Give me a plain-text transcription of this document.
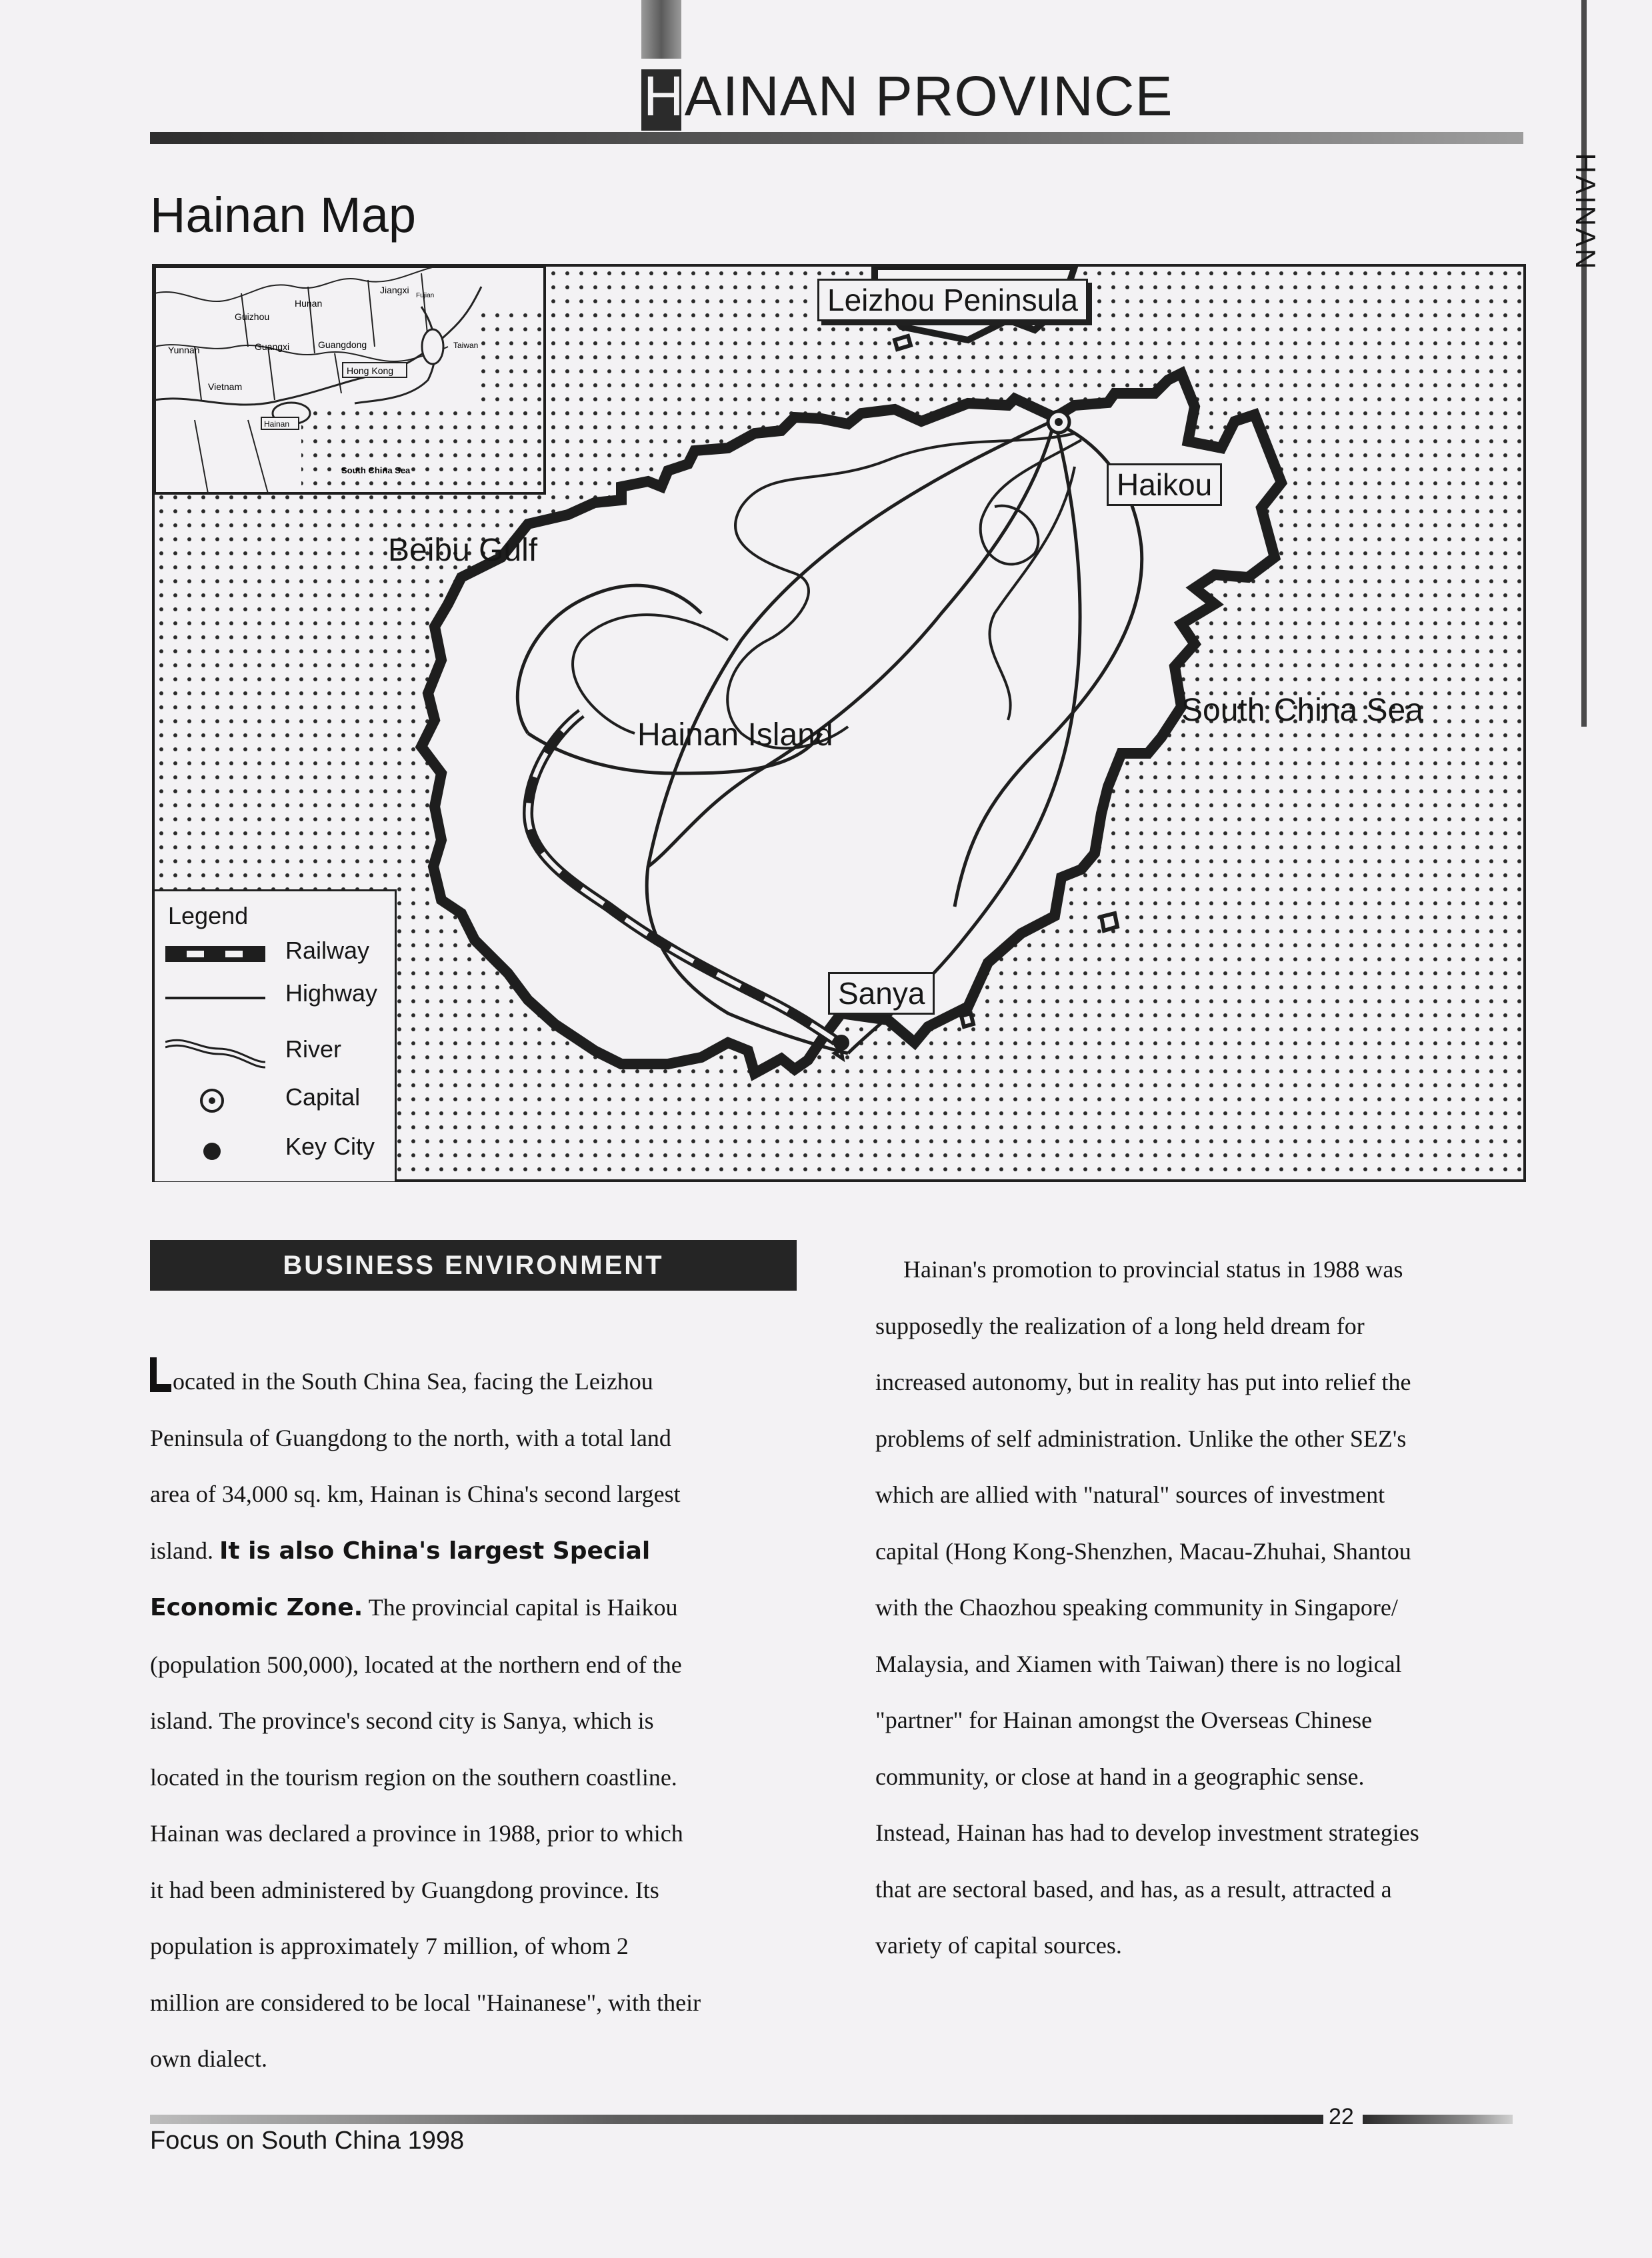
HAINAN PROVINCE
HAINAN
Hainan Map
Jiangxi
Fujian
Hunan
Guizhou
Yunnan	Guangxi	Guangdong	Taiwan
Hong Kong
Vietnam
Hainan
South China Sea
Leizhou Peninsula
Haikou
Beibu Gulf
Hainan Island
South China Sea
Sanya
Legend
Railway
Highway
River
Capital
Key City
BUSINESS ENVIRONMENT
ocated in the South China Sea, facing the Leizhou
Peninsula of Guangdong to the north, with a total land
area of 34,000 sq. km, Hainan is China's second largest
island. It is also China's largest Special
Economic Zone. The provincial capital is Haikou
(population 500,000), located at the northern end of the
island. The province's second city is Sanya, which is
located in the tourism region on the southern coastline.
Hainan was declared a province in 1988, prior to which
it had been administered by Guangdong province. Its
population is approximately 7 million, of whom 2
million are considered to be local "Hainanese", with their
own dialect.
Hainan's promotion to provincial status in 1988 was
supposedly the realization of a long held dream for
increased autonomy, but in reality has put into relief the
problems of self administration. Unlike the other SEZ's
which are allied with "natural" sources of investment
capital (Hong Kong-Shenzhen, Macau-Zhuhai, Shantou
with the Chaozhou speaking community in Singapore/
Malaysia, and Xiamen with Taiwan) there is no logical
"partner" for Hainan amongst the Overseas Chinese
community, or close at hand in a geographic sense.
Instead, Hainan has had to develop investment strategies
that are sectoral based, and has, as a result, attracted a
variety of capital sources.
22
Focus on South China 1998
